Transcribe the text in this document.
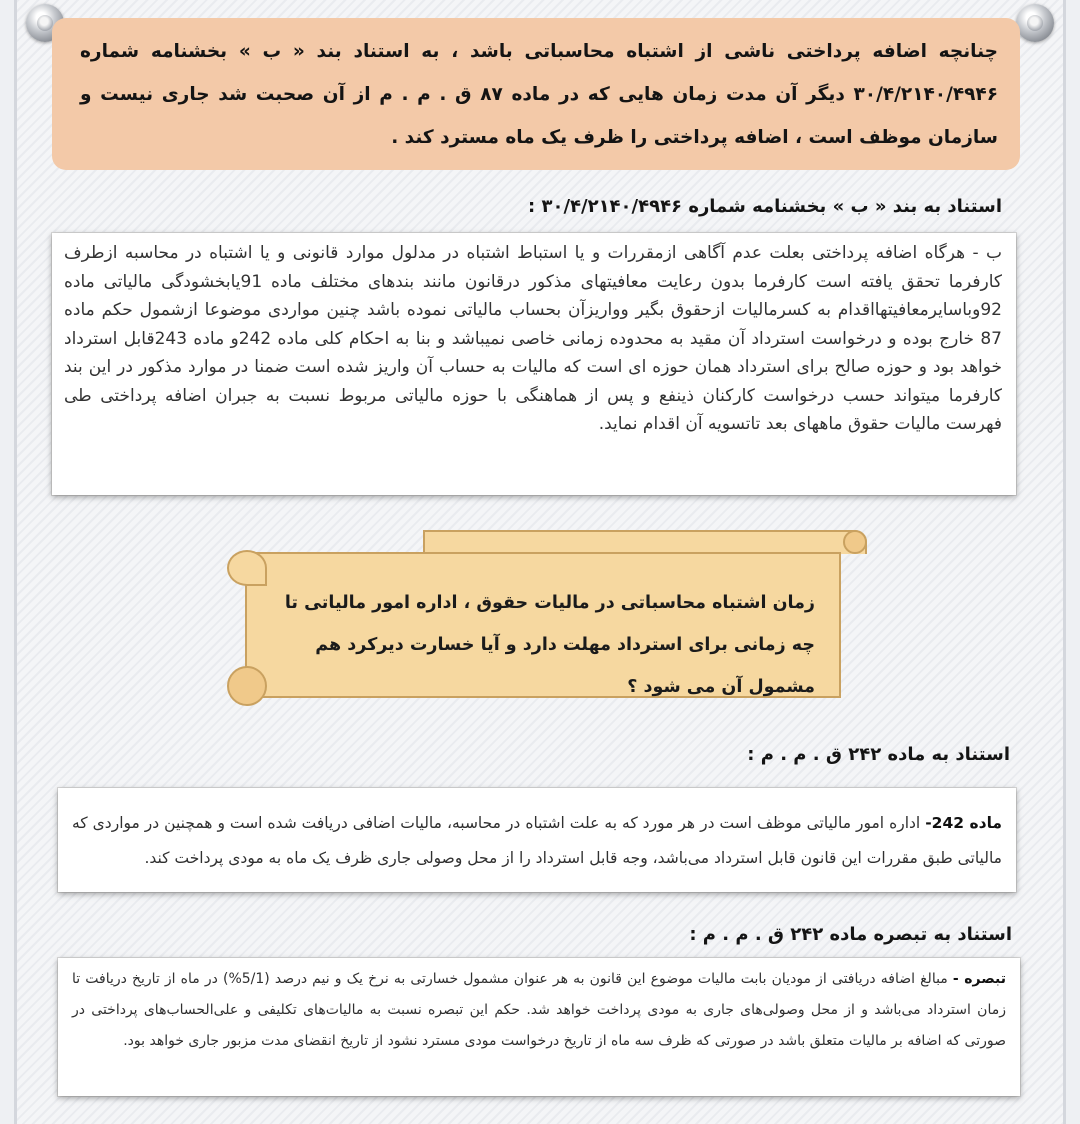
چنانچه اضافه پرداختی ناشی از اشتباه محاسباتی باشد ، به استناد بند « ب » بخشنامه شماره ۳۰/۴/۲۱۴۰/۴۹۴۶ دیگر آن مدت زمان هایی که در ماده ۸۷ ق . م . م از آن صحبت شد جاری نیست و سازمان موظف است ، اضافه پرداختی را ظرف یک ماه مسترد کند .
استناد به بند « ب » بخشنامه شماره ۳۰/۴/۲۱۴۰/۴۹۴۶ :
ب - هرگاه اضافه پرداختی بعلت عدم آگاهی ازمقررات و یا استباط اشتباه در مدلول موارد قانونی و یا اشتباه در محاسبه ازطرف کارفرما تحقق یافته است کارفرما بدون رعایت معافیتهای مذکور درقانون مانند بندهای مختلف ماده 91یابخشودگی مالیاتی ماده 92وباسایرمعافیتهااقدام به کسرمالیات ازحقوق بگیر وواریزآن بحساب مالیاتی نموده باشد چنین مواردی موضوعا ازشمول حکم ماده 87 خارج بوده و درخواست استرداد آن مقید به محدوده زمانی خاصی نمیباشد و بنا به احکام کلی ماده 242و ماده 243قابل استرداد خواهد بود و حوزه صالح برای استرداد همان حوزه ای است که مالیات به حساب آن واریز شده است ضمنا در موارد مذکور در این بند کارفرما میتواند حسب درخواست کارکنان ذینفع و پس از هماهنگی با حوزه مالیاتی مربوط نسبت به جبران اضافه پرداختی طی فهرست مالیات حقوق ماههای بعد تاتسویه آن اقدام نماید.
زمان اشتباه محاسباتی در مالیات حقوق ، اداره امور مالیاتی تا چه زمانی برای استرداد مهلت دارد و آیا خسارت دیرکرد هم مشمول آن می شود ؟
استناد به ماده ۲۴۲ ق . م . م :
ماده 242- اداره امور مالیاتی موظف است در هر مورد که به علت اشتباه در محاسبه، مالیات اضافی دریافت شده است و همچنین در مواردی که مالیاتی طبق مقررات این قانون قابل استرداد می‌باشد، وجه قابل استرداد را از محل وصولی جاری ظرف یک ماه به مودی پرداخت کند.
استناد به تبصره ماده ۲۴۲ ق . م . م :
تبصره - مبالغ اضافه دریافتی از مودیان بابت مالیات موضوع این قانون به هر عنوان مشمول خسارتی به نرخ یک و نیم درصد (5/1%) در ماه از تاریخ دریافت تا زمان استرداد می‌باشد و از محل وصولی‌های جاری به مودی پرداخت خواهد شد. حکم این تبصره نسبت به مالیات‌های تکلیفی و علی‌الحساب‌های پرداختی در صورتی که اضافه بر مالیات متعلق باشد در صورتی که ظرف سه ماه از تاریخ درخواست مودی مسترد نشود از تاریخ انقضای مدت مزبور جاری خواهد بود.
